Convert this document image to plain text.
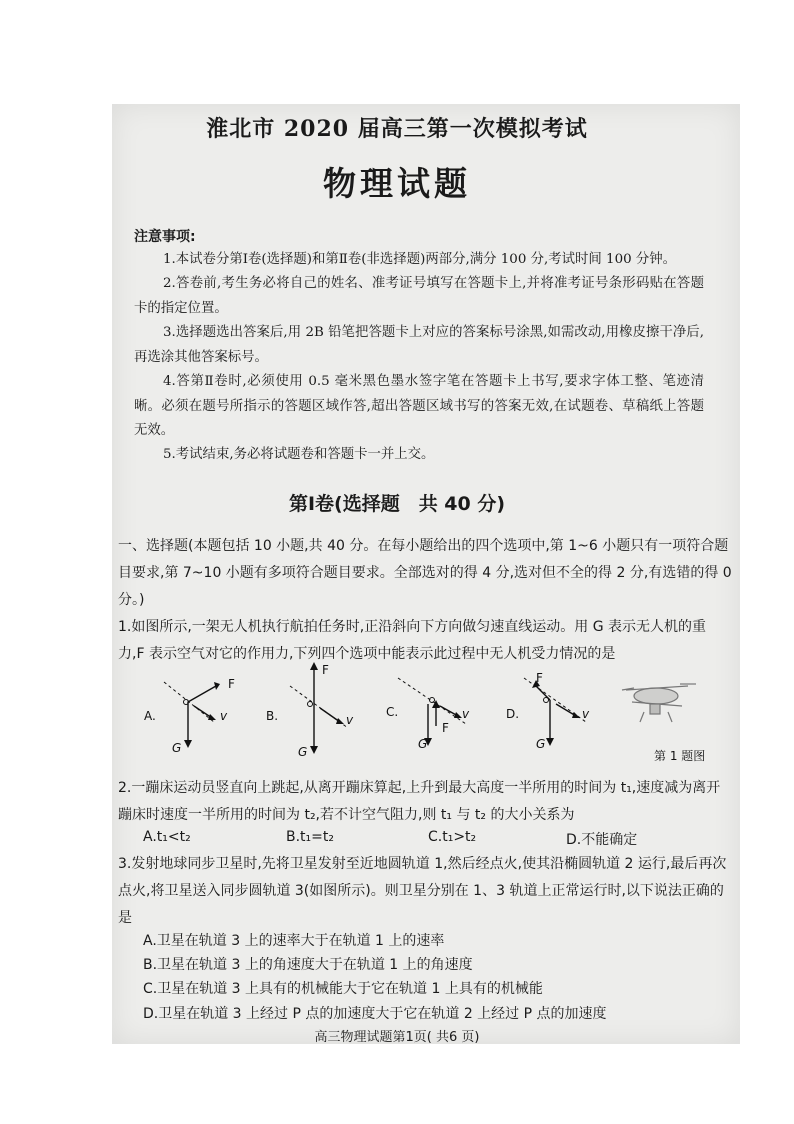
淮北市 2020 届高三第一次模拟考试
物理试题
注意事项:
1.本试卷分第Ⅰ卷(选择题)和第Ⅱ卷(非选择题)两部分,满分 100 分,考试时间 100 分钟。
2.答卷前,考生务必将自己的姓名、准考证号填写在答题卡上,并将准考证号条形码贴在答题卡的指定位置。
3.选择题选出答案后,用 2B 铅笔把答题卡上对应的答案标号涂黑,如需改动,用橡皮擦干净后,再选涂其他答案标号。
4.答第Ⅱ卷时,必须使用 0.5 毫米黑色墨水签字笔在答题卡上书写,要求字体工整、笔迹清晰。必须在题号所指示的答题区域作答,超出答题区域书写的答案无效,在试题卷、草稿纸上答题无效。
5.考试结束,务必将试题卷和答题卡一并上交。
第Ⅰ卷(选择题　共 40 分)
一、选择题(本题包括 10 小题,共 40 分。在每小题给出的四个选项中,第 1~6 小题只有一项符合题目要求,第 7~10 小题有多项符合题目要求。全部选对的得 4 分,选对但不全的得 2 分,有选错的得 0 分。)
1.如图所示,一架无人机执行航拍任务时,正沿斜向下方向做匀速直线运动。用 G 表示无人机的重力,F 表示空气对它的作用力,下列四个选项中能表示此过程中无人机受力情况的是
A.
F
v
G
B.
F
v
G
C.
F
v
G
D.
F
v
G
第 1 题图
2.一蹦床运动员竖直向上跳起,从离开蹦床算起,上升到最大高度一半所用的时间为 t₁,速度减为离开蹦床时速度一半所用的时间为 t₂,若不计空气阻力,则 t₁ 与 t₂ 的大小关系为
A.t₁<t₂	B.t₁=t₂	C.t₁>t₂	D.不能确定
3.发射地球同步卫星时,先将卫星发射至近地圆轨道 1,然后经点火,使其沿椭圆轨道 2 运行,最后再次点火,将卫星送入同步圆轨道 3(如图所示)。则卫星分别在 1、3 轨道上正常运行时,以下说法正确的是
A.卫星在轨道 3 上的速率大于在轨道 1 上的速率
B.卫星在轨道 3 上的角速度大于在轨道 1 上的角速度
C.卫星在轨道 3 上具有的机械能大于它在轨道 1 上具有的机械能
D.卫星在轨道 3 上经过 P 点的加速度大于它在轨道 2 上经过 P 点的加速度
高三物理试题第1页( 共6 页)
